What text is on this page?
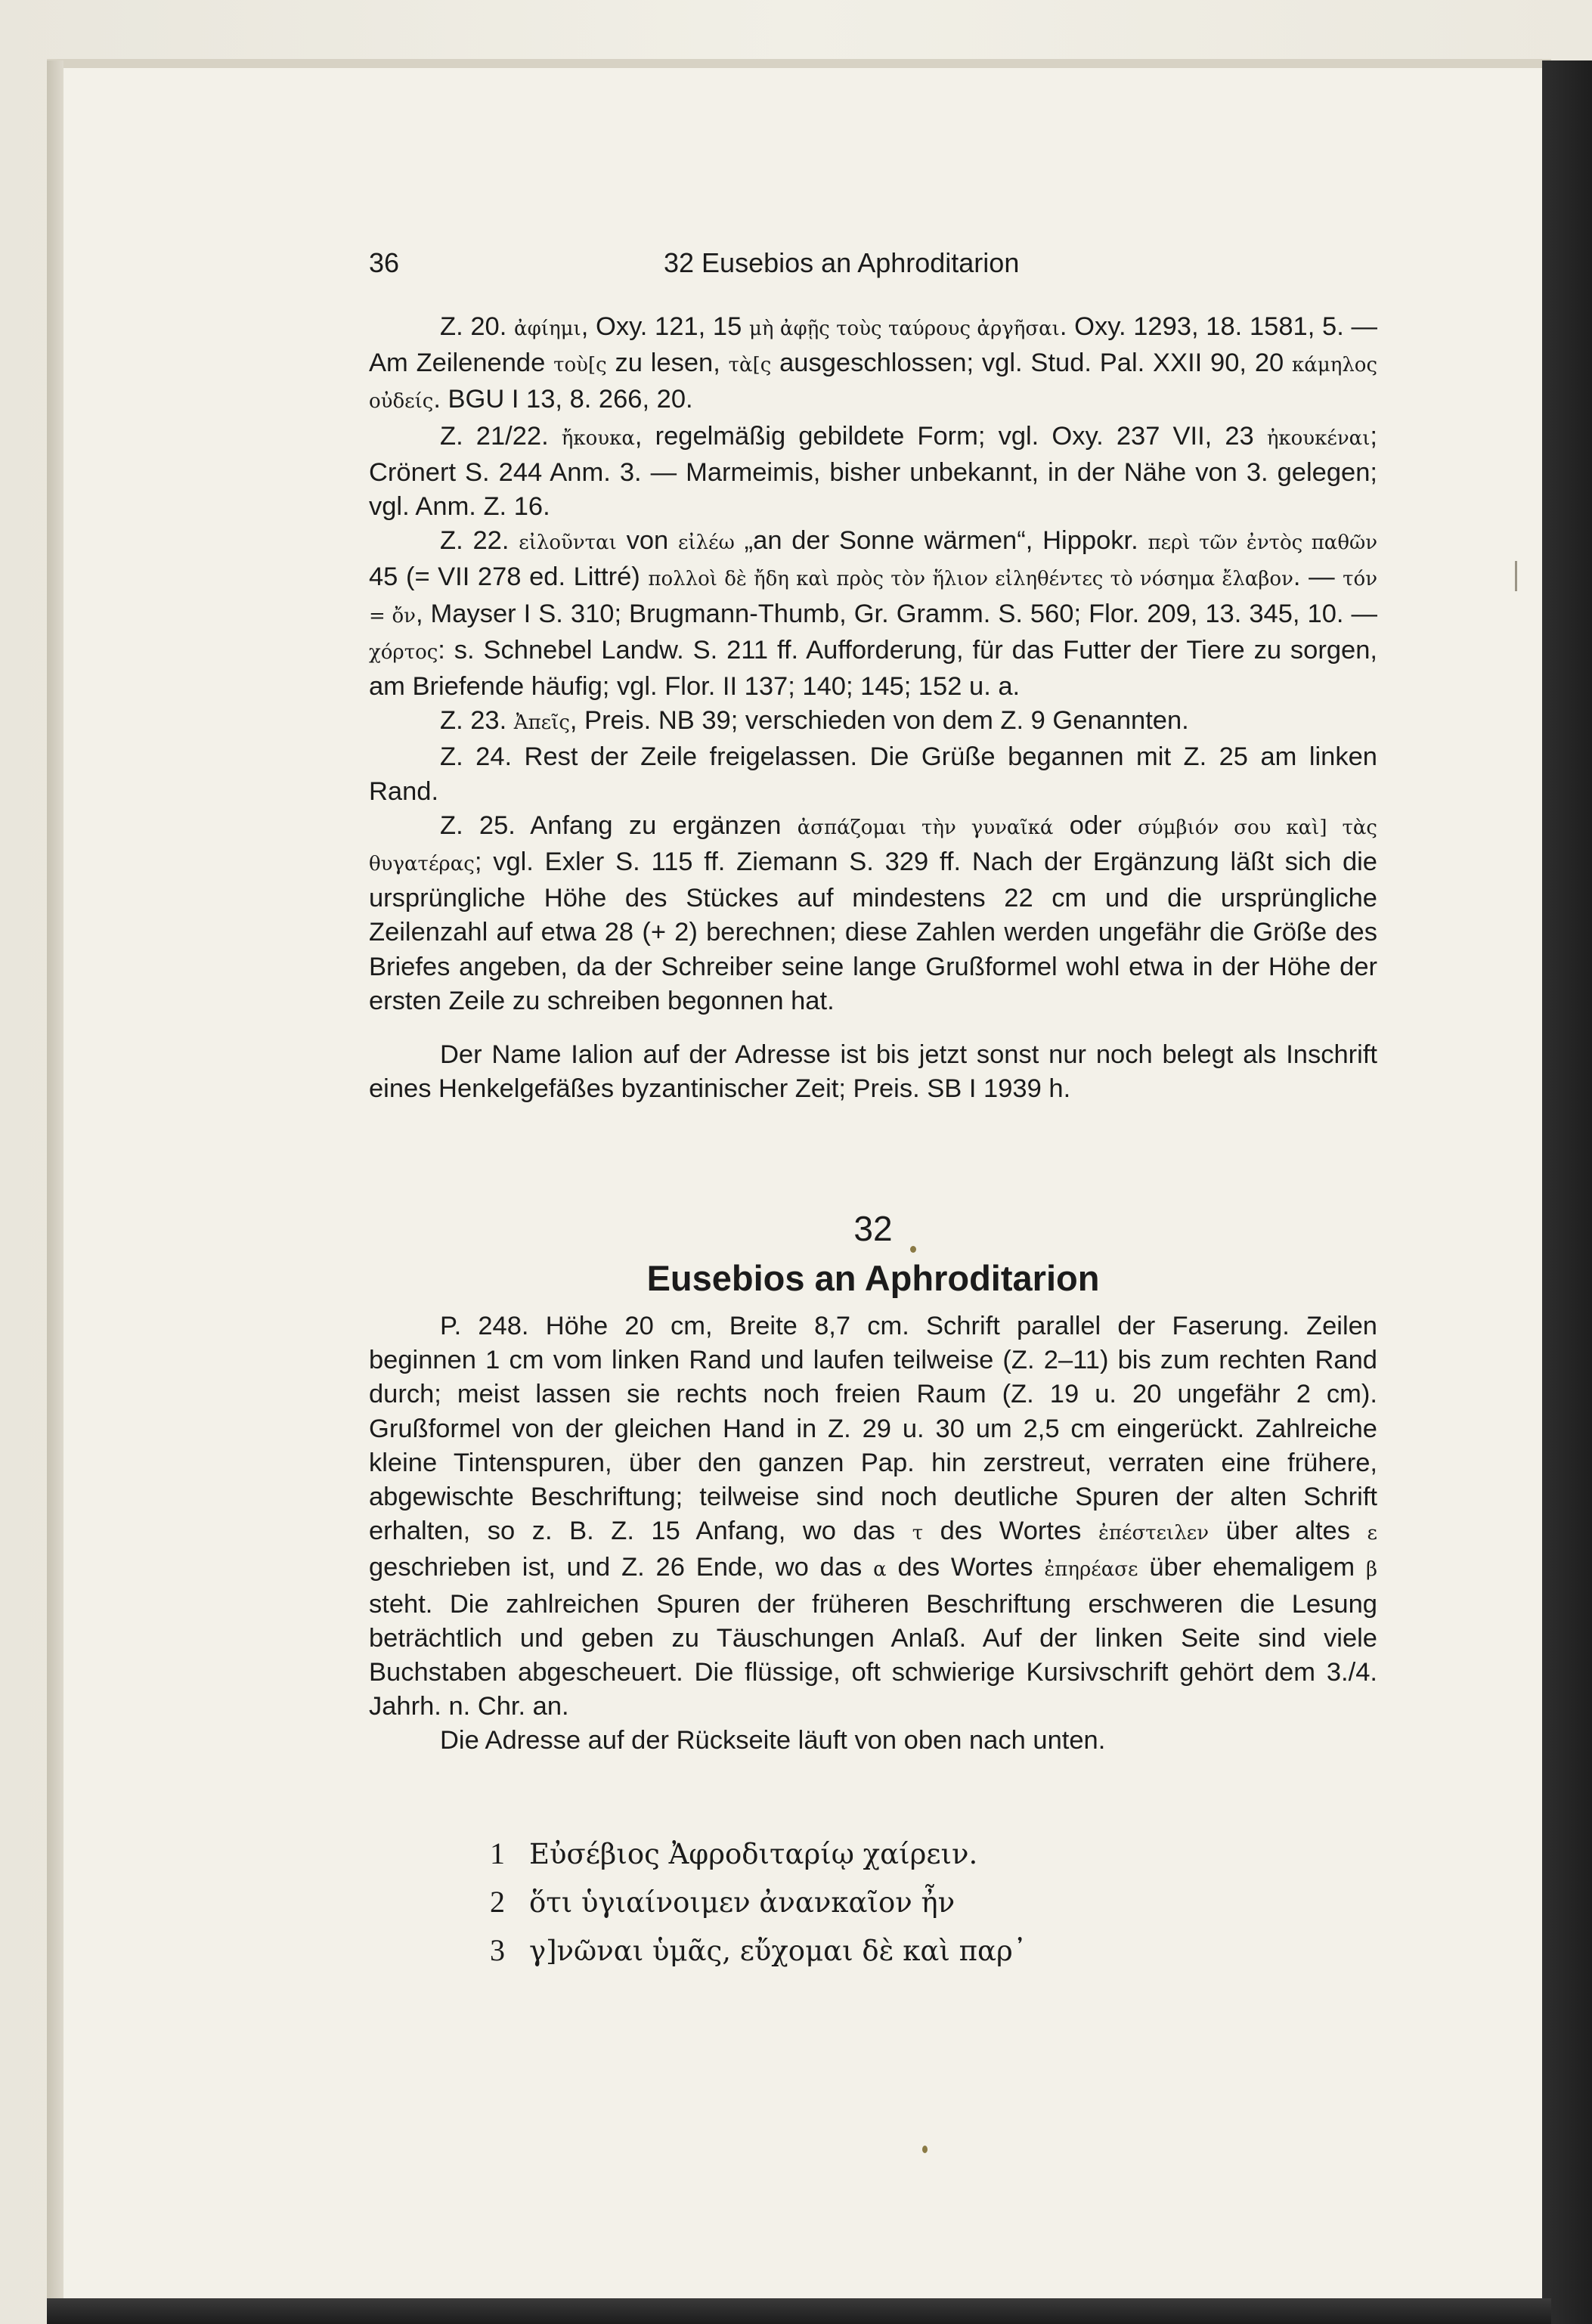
36	32 Eusebios an Aphroditarion

Z. 20. ἀφίημι, Oxy. 121, 15 μὴ ἀφῇς τοὺς ταύρους ἀργῆσαι. Oxy. 1293, 18. 1581, 5. — Am Zeilenende τοὺ[ς zu lesen, τὰ[ς ausgeschlossen; vgl. Stud. Pal. XXII 90, 20 κάμηλος οὐδείς. BGU I 13, 8. 266, 20.

Z. 21/22. ἤκουκα, regelmäßig gebildete Form; vgl. Oxy. 237 VII, 23 ἠκουκέναι; Crönert S. 244 Anm. 3. — Marmeimis, bisher unbekannt, in der Nähe von 3. gelegen; vgl. Anm. Z. 16.

Z. 22. εἰλοῦνται von εἰλέω „an der Sonne wärmen“, Hippokr. περὶ τῶν ἐντὸς παθῶν 45 (= VII 278 ed. Littré) πολλοὶ δὲ ἤδη καὶ πρὸς τὸν ἥλιον εἰληθέντες τὸ νόσημα ἔλαβον. — τόν = ὄν, Mayser I S. 310; Brugmann-Thumb, Gr. Gramm. S. 560; Flor. 209, 13. 345, 10. — χόρτος: s. Schnebel Landw. S. 211 ff. Aufforderung, für das Futter der Tiere zu sorgen, am Briefende häufig; vgl. Flor. II 137; 140; 145; 152 u. a.

Z. 23. Ἀπεῖς, Preis. NB 39; verschieden von dem Z. 9 Genannten.

Z. 24. Rest der Zeile freigelassen. Die Grüße begannen mit Z. 25 am linken Rand.

Z. 25. Anfang zu ergänzen ἀσπάζομαι τὴν γυναῖκά oder σύμβιόν σου καὶ] τὰς θυγατέρας; vgl. Exler S. 115 ff. Ziemann S. 329 ff. Nach der Ergänzung läßt sich die ursprüngliche Höhe des Stückes auf mindestens 22 cm und die ursprüngliche Zeilenzahl auf etwa 28 (+ 2) berechnen; diese Zahlen werden ungefähr die Größe des Briefes angeben, da der Schreiber seine lange Grußformel wohl etwa in der Höhe der ersten Zeile zu schreiben begonnen hat.

Der Name Ialion auf der Adresse ist bis jetzt sonst nur noch belegt als Inschrift eines Henkelgefäßes byzantinischer Zeit; Preis. SB I 1939 h.

32
Eusebios an Aphroditarion

P. 248. Höhe 20 cm, Breite 8,7 cm. Schrift parallel der Faserung. Zeilen beginnen 1 cm vom linken Rand und laufen teilweise (Z. 2–11) bis zum rechten Rand durch; meist lassen sie rechts noch freien Raum (Z. 19 u. 20 ungefähr 2 cm). Grußformel von der gleichen Hand in Z. 29 u. 30 um 2,5 cm eingerückt. Zahlreiche kleine Tintenspuren, über den ganzen Pap. hin zerstreut, verraten eine frühere, abgewischte Beschriftung; teilweise sind noch deutliche Spuren der alten Schrift erhalten, so z. B. Z. 15 Anfang, wo das τ des Wortes ἐπέστειλεν über altes ε geschrieben ist, und Z. 26 Ende, wo das α des Wortes ἐπηρέασε über ehemaligem β steht. Die zahlreichen Spuren der früheren Beschriftung erschweren die Lesung beträchtlich und geben zu Täuschungen Anlaß. Auf der linken Seite sind viele Buchstaben abgescheuert. Die flüssige, oft schwierige Kursivschrift gehört dem 3./4. Jahrh. n. Chr. an.

Die Adresse auf der Rückseite läuft von oben nach unten.

1 Εὐσέβιος Ἀφροδιταρίῳ χαίρειν.
2 ὅτι ὑγιαίνοιμεν ἀνανκαῖον ἦν
3 γ]νῶναι ὑμᾶς, εὔχομαι δὲ καὶ παρ᾿
